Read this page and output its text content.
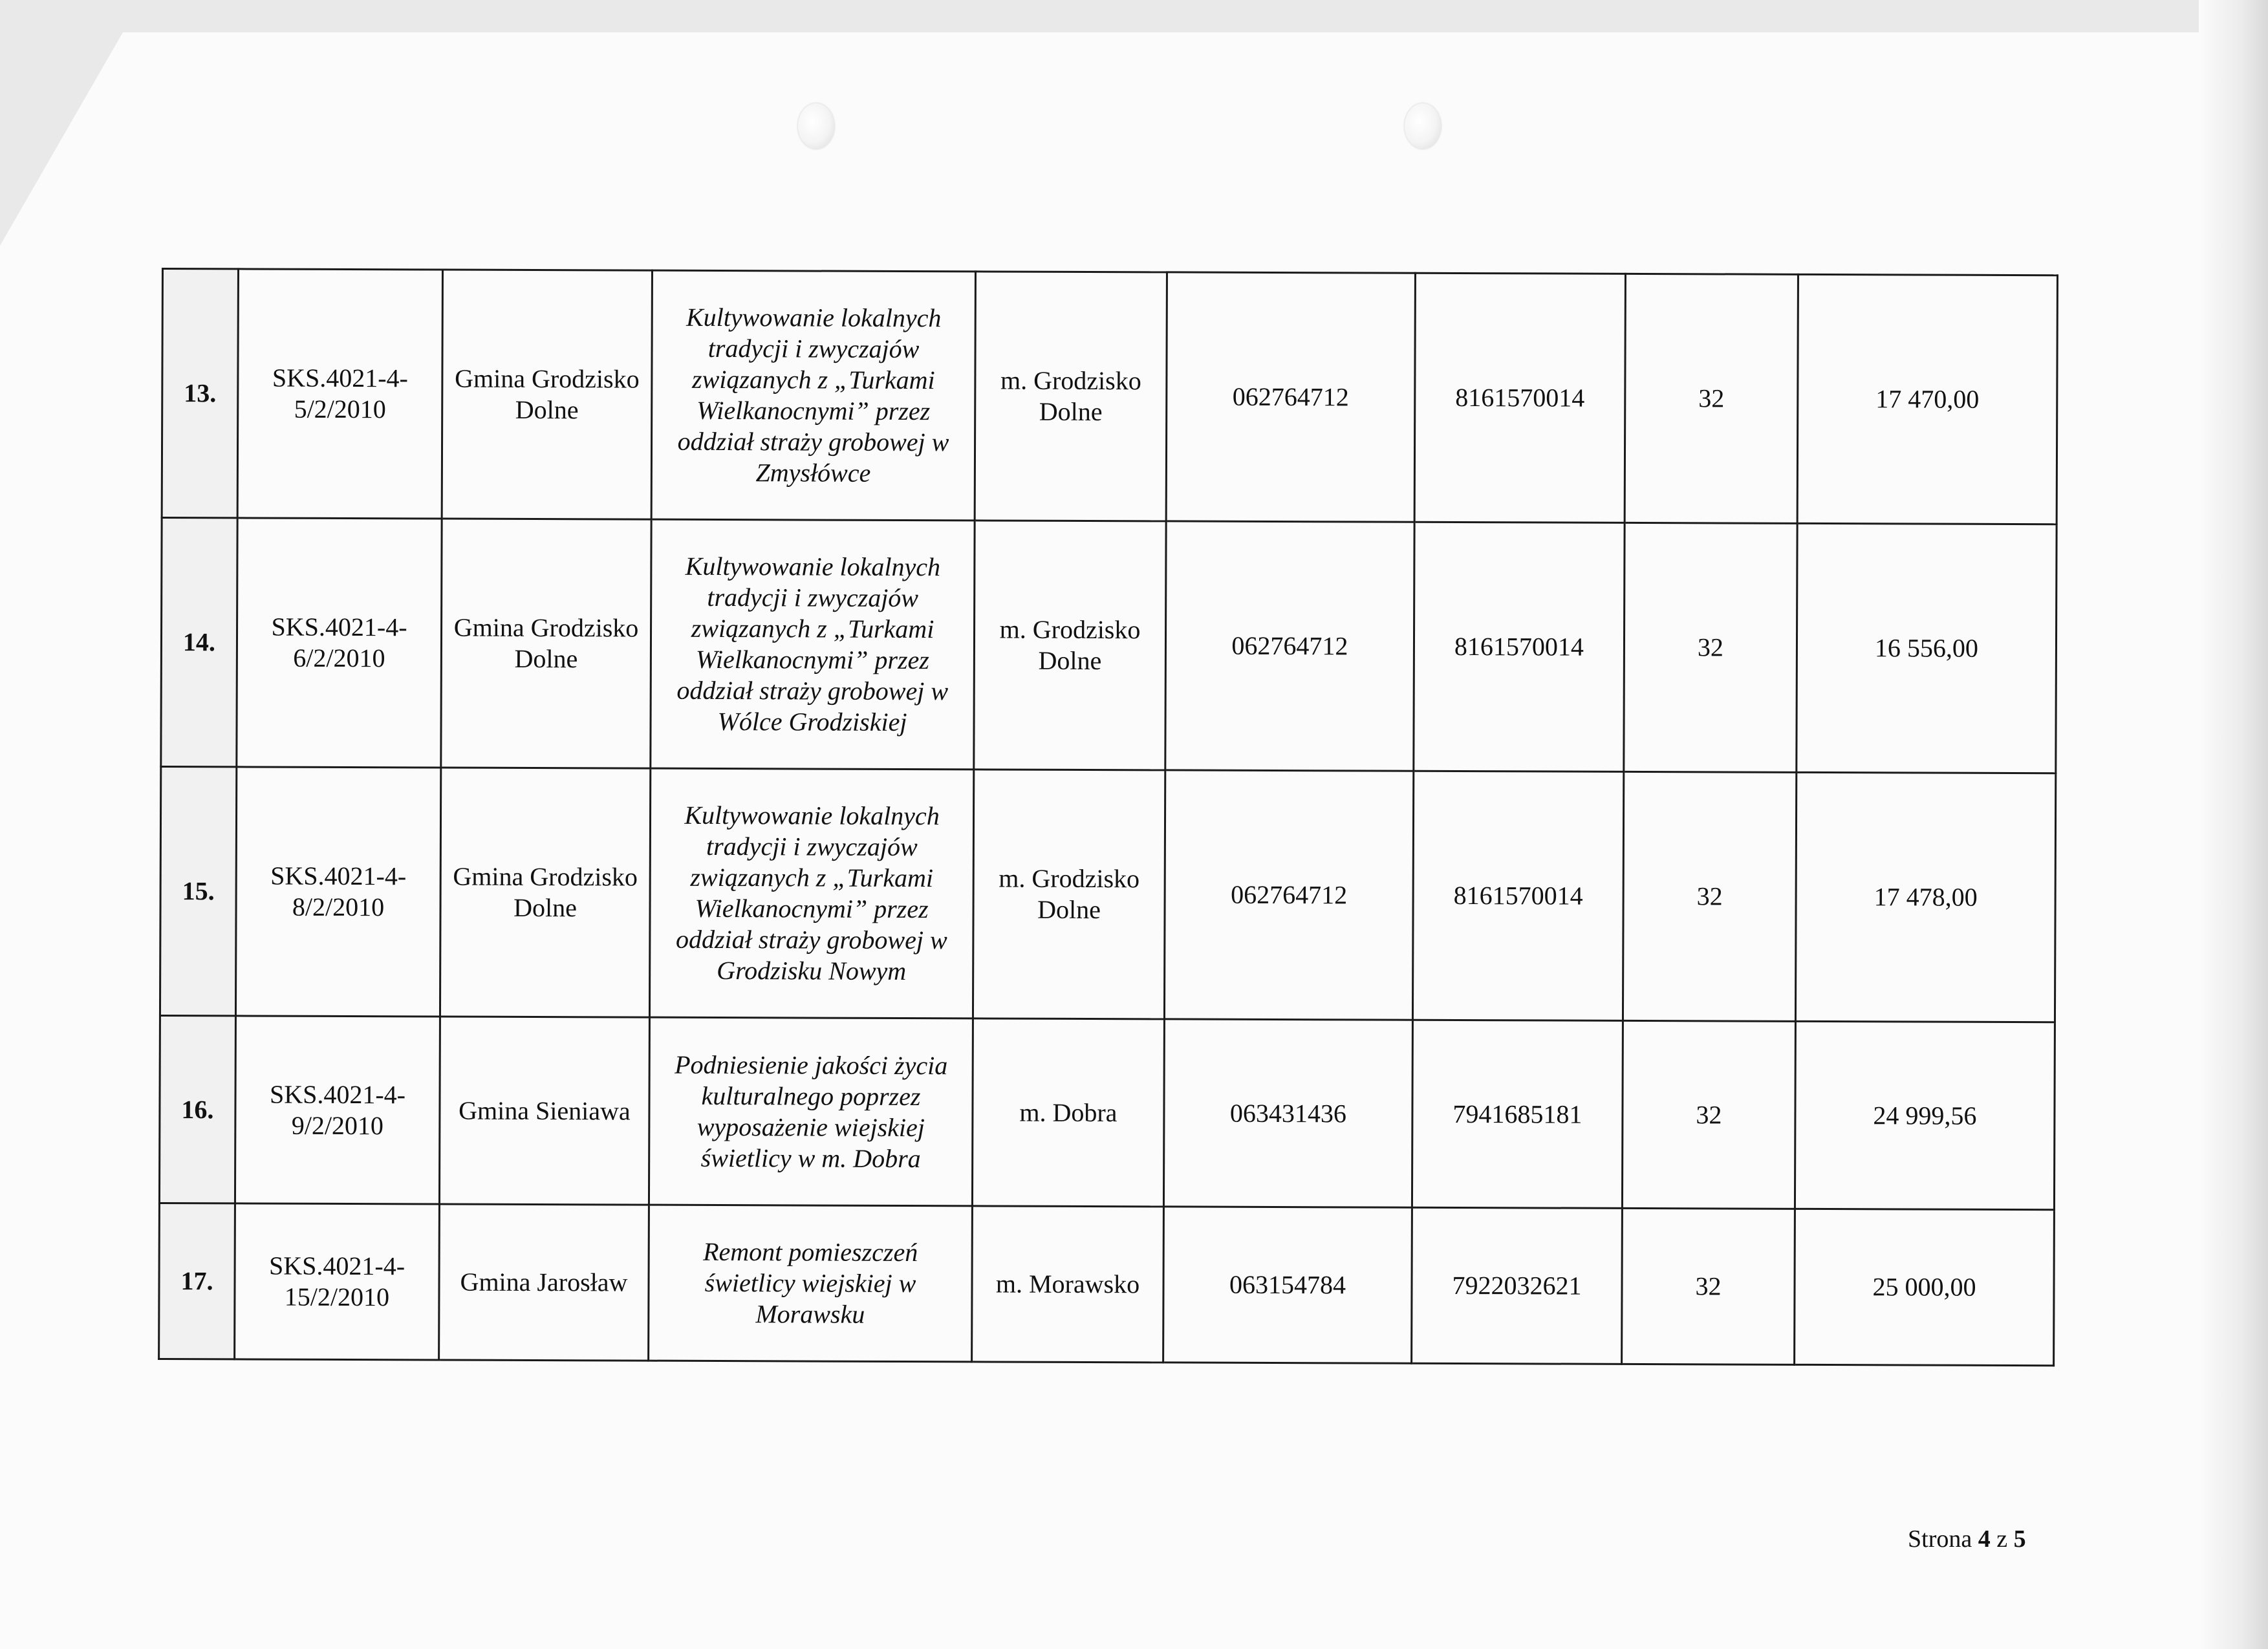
13.	SKS.4021-4-5/2/2010	Gmina Grodzisko Dolne	Kultywowanie lokalnych tradycji i zwyczajów związanych z „Turkami Wielkanocnymi” przez oddział straży grobowej w Zmysłówce	m. Grodzisko Dolne	062764712	8161570014	32	17 470,00
14.	SKS.4021-4-6/2/2010	Gmina Grodzisko Dolne	Kultywowanie lokalnych tradycji i zwyczajów związanych z „Turkami Wielkanocnymi” przez oddział straży grobowej w Wólce Grodziskiej	m. Grodzisko Dolne	062764712	8161570014	32	16 556,00
15.	SKS.4021-4-8/2/2010	Gmina Grodzisko Dolne	Kultywowanie lokalnych tradycji i zwyczajów związanych z „Turkami Wielkanocnymi” przez oddział straży grobowej w Grodzisku Nowym	m. Grodzisko Dolne	062764712	8161570014	32	17 478,00
16.	SKS.4021-4-9/2/2010	Gmina Sieniawa	Podniesienie jakości życia kulturalnego poprzez wyposażenie wiejskiej świetlicy w m. Dobra	m. Dobra	063431436	7941685181	32	24 999,56
17.	SKS.4021-4-15/2/2010	Gmina Jarosław	Remont pomieszczeń świetlicy wiejskiej w Morawsku	m. Morawsko	063154784	7922032621	32	25 000,00
Strona 4 z 5
